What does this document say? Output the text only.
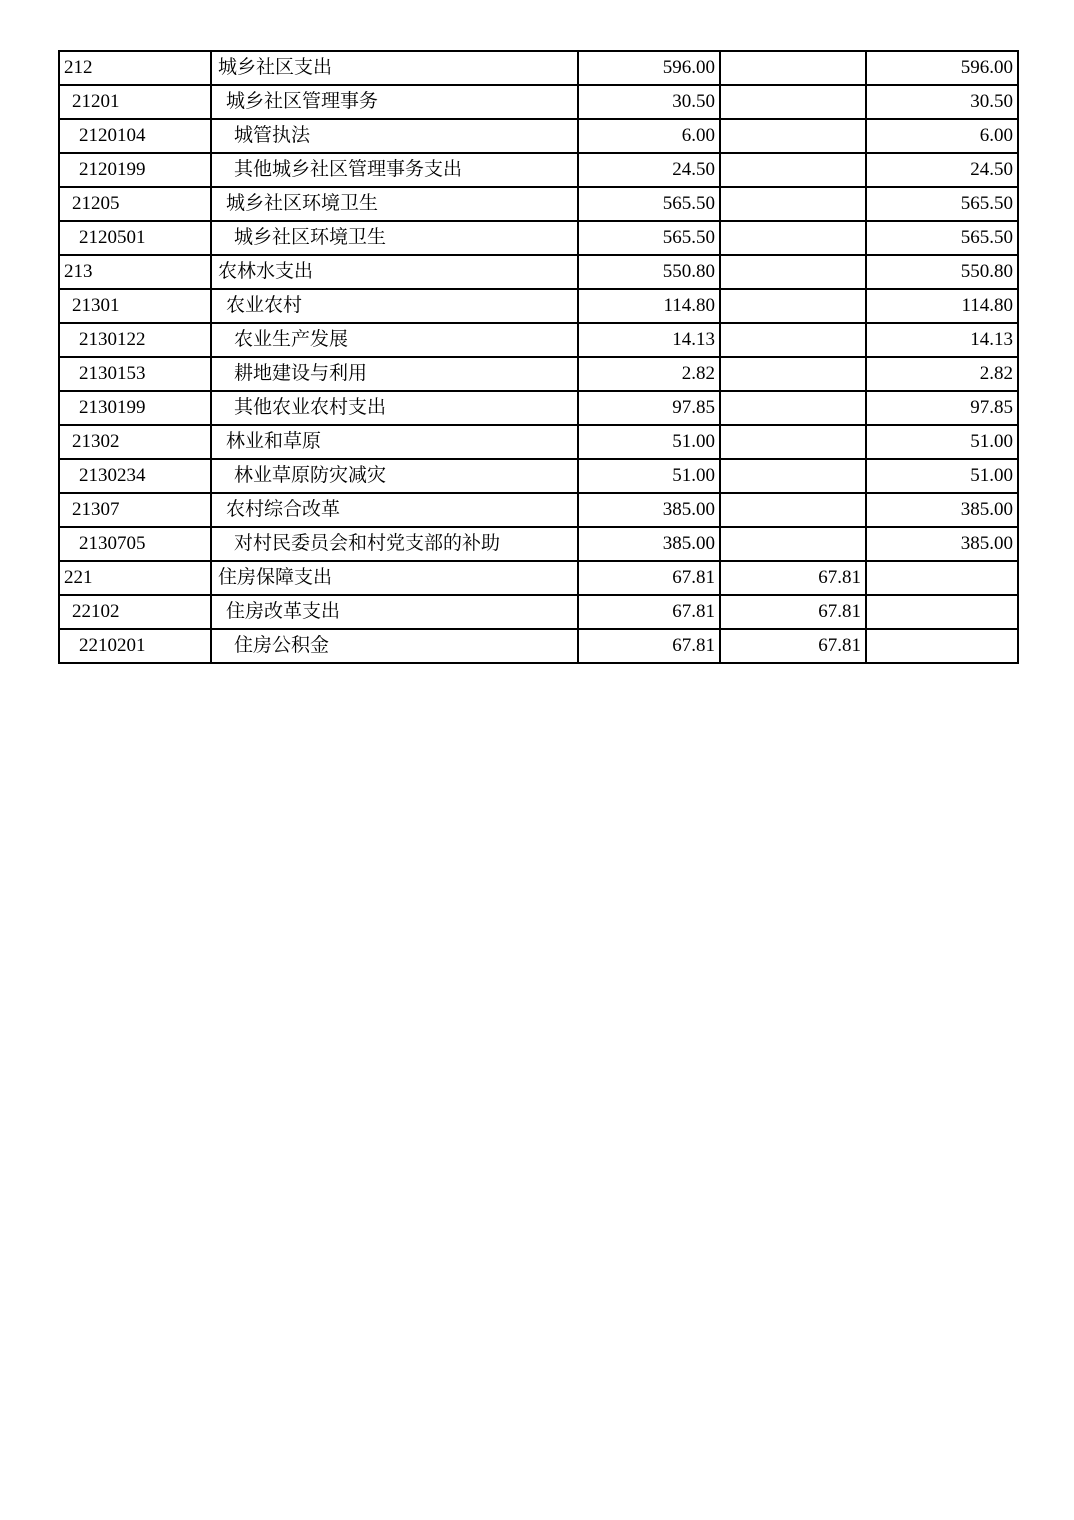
212	城乡社区支出	596.00		596.00
21201	城乡社区管理事务	30.50		30.50
2120104	城管执法	6.00		6.00
2120199	其他城乡社区管理事务支出	24.50		24.50
21205	城乡社区环境卫生	565.50		565.50
2120501	城乡社区环境卫生	565.50		565.50
213	农林水支出	550.80		550.80
21301	农业农村	114.80		114.80
2130122	农业生产发展	14.13		14.13
2130153	耕地建设与利用	2.82		2.82
2130199	其他农业农村支出	97.85		97.85
21302	林业和草原	51.00		51.00
2130234	林业草原防灾减灾	51.00		51.00
21307	农村综合改革	385.00		385.00
2130705	对村民委员会和村党支部的补助	385.00		385.00
221	住房保障支出	67.81	67.81	
22102	住房改革支出	67.81	67.81	
2210201	住房公积金	67.81	67.81	
